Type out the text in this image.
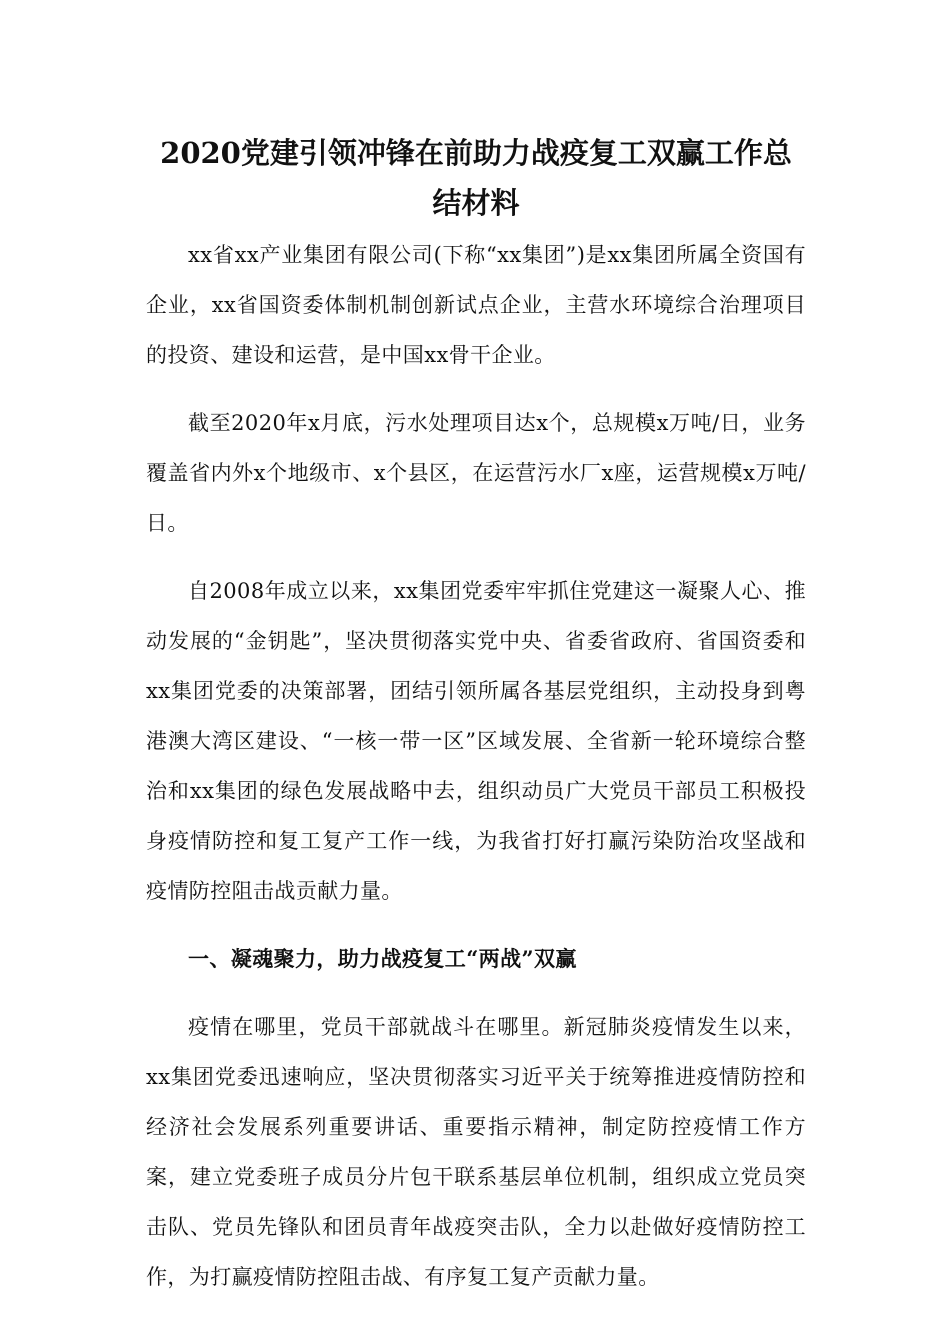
2020党建引领冲锋在前助力战疫复工双赢工作总结材料

xx省xx产业集团有限公司(下称“xx集团”)是xx集团所属全资国有企业，xx省国资委体制机制创新试点企业，主营水环境综合治理项目的投资、建设和运营，是中国xx骨干企业。

截至2020年x月底，污水处理项目达x个，总规模x万吨/日，业务覆盖省内外x个地级市、x个县区，在运营污水厂x座，运营规模x万吨/日。

自2008年成立以来，xx集团党委牢牢抓住党建这一凝聚人心、推动发展的“金钥匙”，坚决贯彻落实党中央、省委省政府、省国资委和xx集团党委的决策部署，团结引领所属各基层党组织，主动投身到粤港澳大湾区建设、“一核一带一区”区域发展、全省新一轮环境综合整治和xx集团的绿色发展战略中去，组织动员广大党员干部员工积极投身疫情防控和复工复产工作一线，为我省打好打赢污染防治攻坚战和疫情防控阻击战贡献力量。

一、凝魂聚力，助力战疫复工“两战”双赢

疫情在哪里，党员干部就战斗在哪里。新冠肺炎疫情发生以来，xx集团党委迅速响应，坚决贯彻落实习近平关于统筹推进疫情防控和经济社会发展系列重要讲话、重要指示精神，制定防控疫情工作方案，建立党委班子成员分片包干联系基层单位机制，组织成立党员突击队、党员先锋队和团员青年战疫突击队，全力以赴做好疫情防控工作，为打赢疫情防控阻击战、有序复工复产贡献力量。
